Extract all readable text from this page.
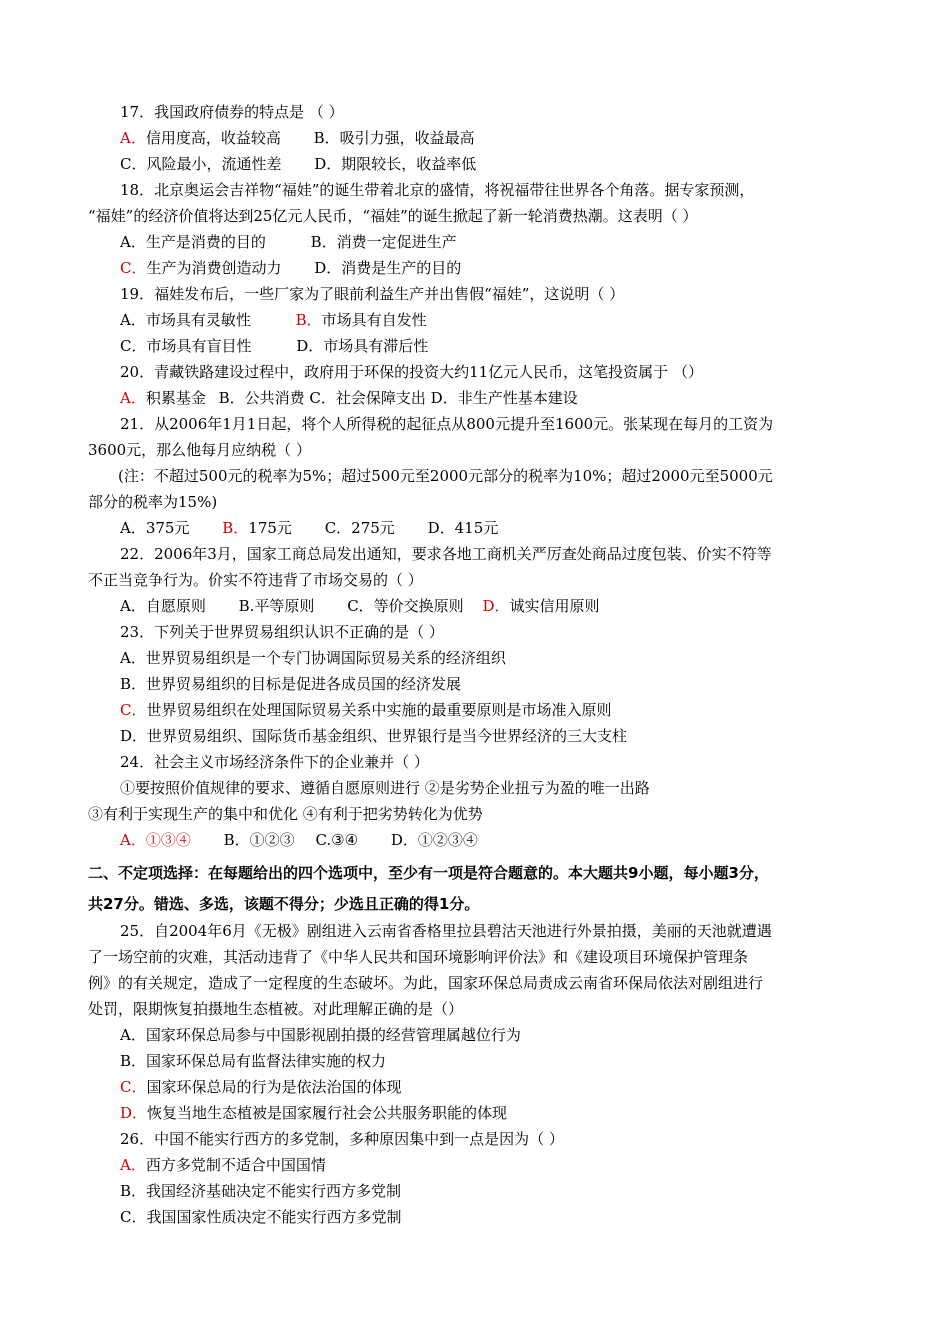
17．我国政府债券的特点是 （ ）
A．信用度高，收益较高 B．吸引力强，收益最高
C．风险最小，流通性差 D．期限较长，收益率低
18．北京奥运会吉祥物“福娃”的诞生带着北京的盛情，将祝福带往世界各个角落。据专家预测，
“福娃”的经济价值将达到25亿元人民币，“福娃”的诞生掀起了新一轮消费热潮。这表明（ ）
A．生产是消费的目的	B．消费一定促进生产
C．生产为消费创造动力 D．消费是生产的目的
19．福娃发布后，一些厂家为了眼前利益生产并出售假“福娃”，这说明（ ）
A．市场具有灵敏性	B．市场具有自发性
C．市场具有盲目性	D．市场具有滞后性
20．青藏铁路建设过程中，政府用于环保的投资大约11亿元人民币，这笔投资属于 （）
A．积累基金 B．公共消费 C．社会保障支出 D．非生产性基本建设
21．从2006年1月1日起，将个人所得税的起征点从800元提升至1600元。张某现在每月的工资为
3600元，那么他每月应纳税（ ）
(注：不超过500元的税率为5%；超过500元至2000元部分的税率为10%；超过2000元至5000元
部分的税率为15%)
A．375元 B．175元 C．275元 D．415元
22．2006年3月，国家工商总局发出通知，要求各地工商机关严厉查处商品过度包装、价实不符等
不正当竞争行为。价实不符违背了市场交易的（ ）
A．自愿原则 B.平等原则 C．等价交换原则 D．诚实信用原则
23．下列关于世界贸易组织认识不正确的是（ ）
A．世界贸易组织是一个专门协调国际贸易关系的经济组织
B．世界贸易组织的目标是促进各成员国的经济发展
C．世界贸易组织在处理国际贸易关系中实施的最重要原则是市场准入原则
D．世界贸易组织、国际货币基金组织、世界银行是当今世界经济的三大支柱
24．社会主义市场经济条件下的企业兼并（ ）
①要按照价值规律的要求、遵循自愿原则进行 ②是劣势企业扭亏为盈的唯一出路
③有利于实现生产的集中和优化 ④有利于把劣势转化为优势
A．①③④ B．①②③ C.③④ D．①②③④
二、不定项选择：在每题给出的四个选项中，至少有一项是符合题意的。本大题共9小题，每小题3分，
共27分。错选、多选，该题不得分；少选且正确的得1分。
25．自2004年6月《无极》剧组进入云南省香格里拉县碧沽天池进行外景拍摄，美丽的天池就遭遇
了一场空前的灾难，其活动违背了《中华人民共和国环境影响评价法》和《建设项目环境保护管理条
例》的有关规定，造成了一定程度的生态破坏。为此，国家环保总局责成云南省环保局依法对剧组进行
处罚，限期恢复拍摄地生态植被。对此理解正确的是（）
A．国家环保总局参与中国影视剧拍摄的经营管理属越位行为
B．国家环保总局有监督法律实施的权力
C．国家环保总局的行为是依法治国的体现
D．恢复当地生态植被是国家履行社会公共服务职能的体现
26．中国不能实行西方的多党制，多种原因集中到一点是因为（ ）
A．西方多党制不适合中国国情
B．我国经济基础决定不能实行西方多党制
C．我国国家性质决定不能实行西方多党制
